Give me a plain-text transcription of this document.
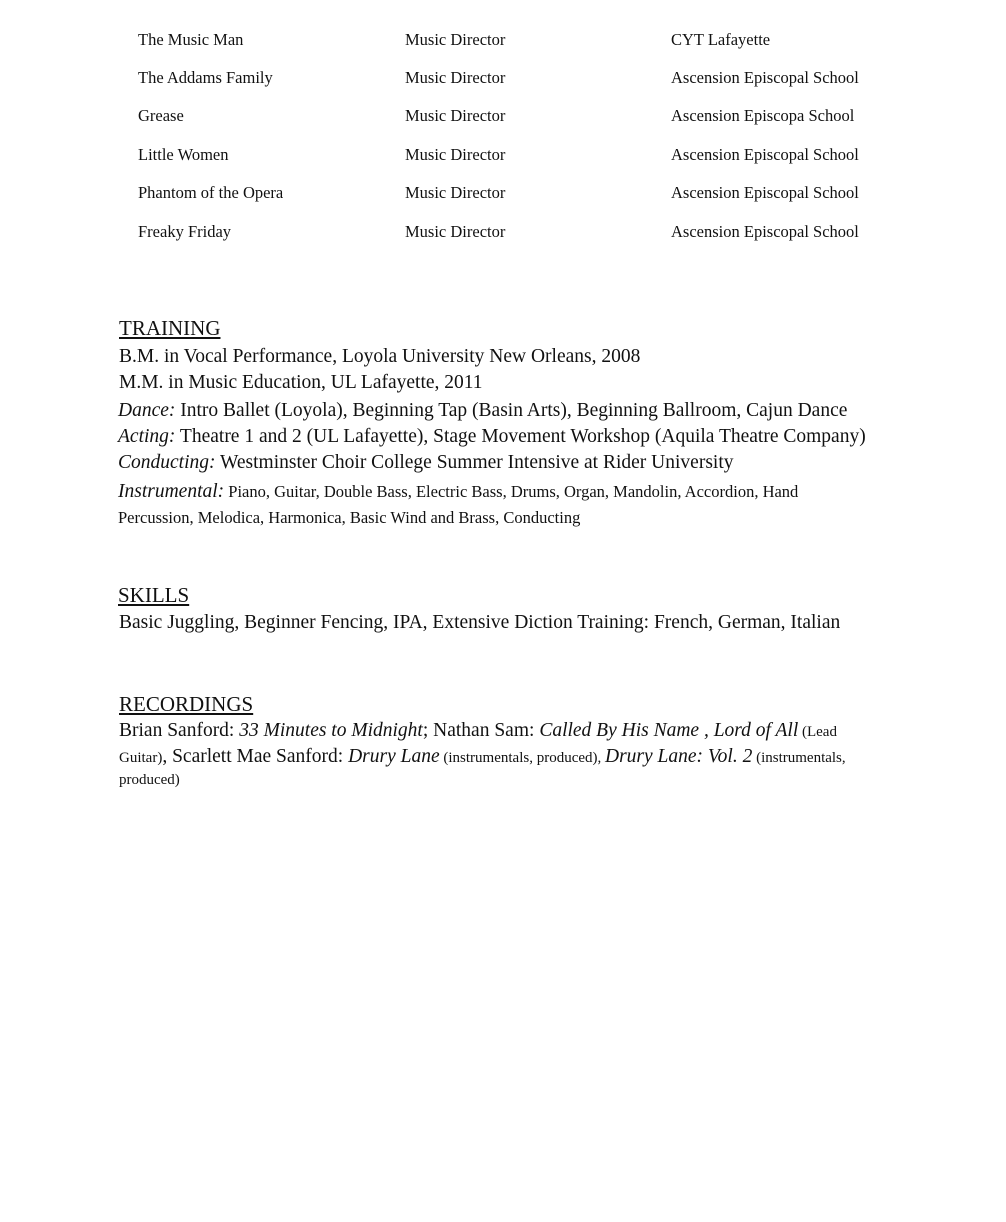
The Music Man	Music Director	CYT Lafayette
The Addams Family	Music Director	Ascension Episcopal School
Grease	Music Director	Ascension Episcopa School
Little Women	Music Director	Ascension Episcopal School
Phantom of the Opera	Music Director	Ascension Episcopal School
Freaky Friday	Music Director	Ascension Episcopal School
TRAINING
B.M. in Vocal Performance, Loyola University New Orleans, 2008
M.M. in Music Education, UL Lafayette, 2011
Dance: Intro Ballet (Loyola), Beginning Tap (Basin Arts), Beginning Ballroom, Cajun Dance
Acting: Theatre 1 and 2 (UL Lafayette), Stage Movement Workshop (Aquila Theatre Company)
Conducting: Westminster Choir College Summer Intensive at Rider University
Instrumental: Piano, Guitar, Double Bass, Electric Bass, Drums, Organ, Mandolin, Accordion, Hand
Percussion, Melodica, Harmonica, Basic Wind and Brass, Conducting
SKILLS
Basic Juggling, Beginner Fencing, IPA, Extensive Diction Training: French, German, Italian
RECORDINGS
Brian Sanford: 33 Minutes to Midnight; Nathan Sam: Called By His Name , Lord of All (Lead
Guitar), Scarlett Mae Sanford: Drury Lane (instrumentals, produced), Drury Lane: Vol. 2 (instrumentals,
produced)
